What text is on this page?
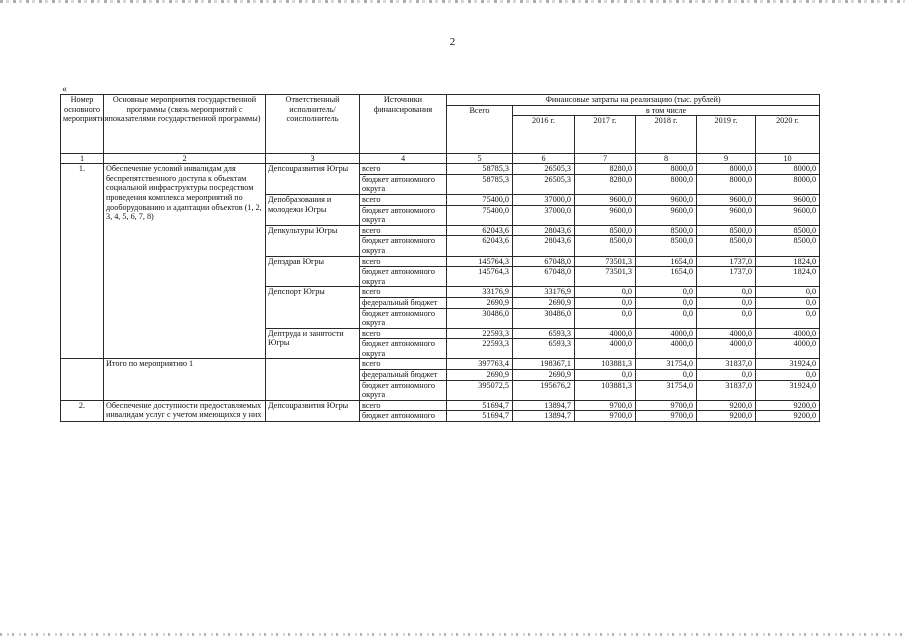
2
«
Номер основного мероприятия	Основные мероприятия государственной программы (связь мероприятий с показателями государственной программы)	Ответственный исполнитель/ соисполнитель	Источники финансирования	Финансовые затраты на реализацию (тыс. рублей)					
				Всего	в том числе				
					2016 г.	2017 г.	2018 г.	2019 г.	2020 г.
1	2	3	4	5	6	7	8	9	10
1.	Обеспечение условий инвалидам для беспрепятственного доступа к объектам социальной инфраструктуры посредством проведения комплекса мероприятий по дооборудованию и адаптации объектов (1, 2, 3, 4, 5, 6, 7, 8)	Депсоцразвития Югры	всего	58785,3	26505,3	8280,0	8000,0	8000,0	8000,0
			бюджет автономного округа	58785,3	26505,3	8280,0	8000,0	8000,0	8000,0
		Депобразования и молодежи Югры	всего	75400,0	37000,0	9600,0	9600,0	9600,0	9600,0
			бюджет автономного округа	75400,0	37000,0	9600,0	9600,0	9600,0	9600,0
		Депкультуры Югры	всего	62043,6	28043,6	8500,0	8500,0	8500,0	8500,0
			бюджет автономного округа	62043,6	28043,6	8500,0	8500,0	8500,0	8500,0
		Депздрав Югры	всего	145764,3	67048,0	73501,3	1654,0	1737,0	1824,0
			бюджет автономного округа	145764,3	67048,0	73501,3	1654,0	1737,0	1824,0
		Депспорт Югры	всего	33176,9	33176,9	0,0	0,0	0,0	0,0
			федеральный бюджет	2690,9	2690,9	0,0	0,0	0,0	0,0
			бюджет автономного округа	30486,0	30486,0	0,0	0,0	0,0	0,0
		Дептруда и занятости Югры	всего	22593,3	6593,3	4000,0	4000,0	4000,0	4000,0
			бюджет автономного округа	22593,3	6593,3	4000,0	4000,0	4000,0	4000,0
	Итого по мероприятию 1		всего	397763,4	198367,1	103881,3	31754,0	31837,0	31924,0
			федеральный бюджет	2690,9	2690,9	0,0	0,0	0,0	0,0
			бюджет автономного округа	395072,5	195676,2	103881,3	31754,0	31837,0	31924,0
2.	Обеспечение доступности предоставляемых инвалидам услуг с учетом имеющихся у них	Депсоцразвития Югры	всего	51694,7	13894,7	9700,0	9700,0	9200,0	9200,0
			бюджет автономного	51694,7	13894,7	9700,0	9700,0	9200,0	9200,0
